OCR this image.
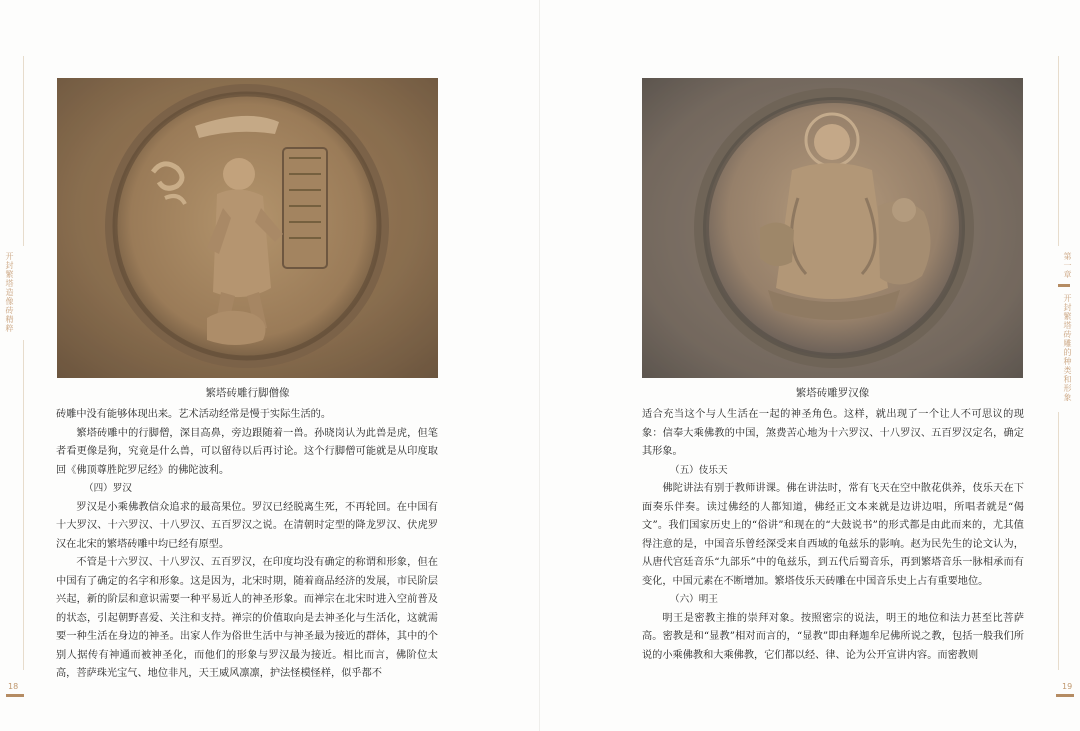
开封繁塔造像砖精粹
18
繁塔砖雕行脚僧像

砖雕中没有能够体现出来。艺术活动经常是慢于实际生活的。

繁塔砖雕中的行脚僧，深目高鼻，旁边跟随着一兽。孙晓岗认为此兽是虎，但笔者看更像是狗，究竟是什么兽，可以留待以后再讨论。这个行脚僧可能就是从印度取回《佛顶尊胜陀罗尼经》的佛陀波利。

（四）罗汉

罗汉是小乘佛教信众追求的最高果位。罗汉已经脱离生死，不再轮回。在中国有十大罗汉、十六罗汉、十八罗汉、五百罗汉之说。在清朝时定型的降龙罗汉、伏虎罗汉在北宋的繁塔砖雕中均已经有原型。

不管是十六罗汉、十八罗汉、五百罗汉，在印度均没有确定的称谓和形象，但在中国有了确定的名字和形象。这是因为，北宋时期，随着商品经济的发展，市民阶层兴起，新的阶层和意识需要一种平易近人的神圣形象。而禅宗在北宋时进入空前普及的状态，引起朝野喜爱、关注和支持。禅宗的价值取向是去神圣化与生活化，这就需要一种生活在身边的神圣。出家人作为俗世生活中与神圣最为接近的群体，其中的个别人据传有神通而被神圣化，而他们的形象与罗汉最为接近。相比而言，佛阶位太高，菩萨珠光宝气、地位非凡，天王威风凛凛，护法怪模怪样，似乎都不

第一章
开封繁塔砖雕的种类和形象
19
繁塔砖雕罗汉像

适合充当这个与人生活在一起的神圣角色。这样，就出现了一个让人不可思议的现象：信奉大乘佛教的中国，煞费苦心地为十六罗汉、十八罗汉、五百罗汉定名，确定其形象。

（五）伎乐天

佛陀讲法有别于教师讲课。佛在讲法时，常有飞天在空中散花供养，伎乐天在下面奏乐伴奏。读过佛经的人都知道，佛经正文本来就是边讲边唱，所唱者就是“偈文”。我们国家历史上的“俗讲”和现在的“大鼓说书”的形式都是由此而来的，尤其值得注意的是，中国音乐曾经深受来自西域的龟兹乐的影响。赵为民先生的论文认为，从唐代宫廷音乐“九部乐”中的龟兹乐，到五代后蜀音乐，再到繁塔音乐一脉相承而有变化，中国元素在不断增加。繁塔伎乐天砖雕在中国音乐史上占有重要地位。

（六）明王

明王是密教主推的崇拜对象。按照密宗的说法，明王的地位和法力甚至比菩萨高。密教是和“显教”相对而言的，“显教”即由释迦牟尼佛所说之教，包括一般我们所说的小乘佛教和大乘佛教，它们都以经、律、论为公开宣讲内容。而密教则
